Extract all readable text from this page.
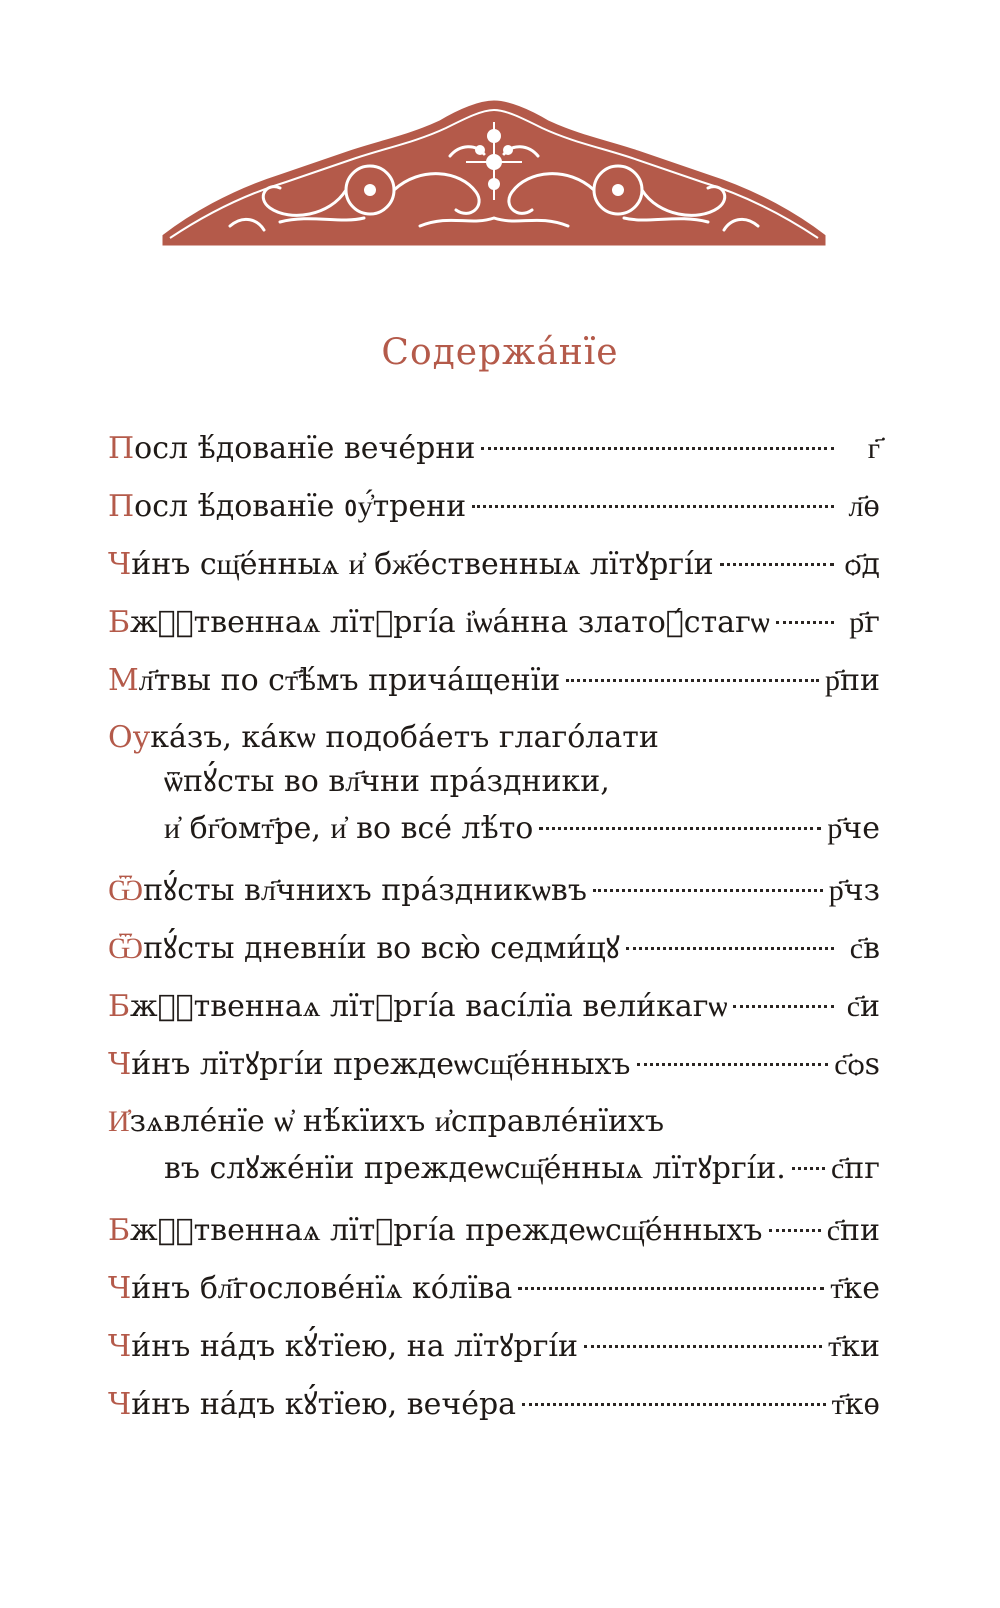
Содержа́нїе
Посл ѣ́дованїе вече́рни	г҃
Посл ѣ́дованїе ᲂу҆́трени	л҃ѳ
Чи́нъ сщ҃е́нныѧ и҆ бж҃е́ственныѧ лїтꙋргі́и	ѻ҃д
Бжⷭ҇твеннаѧ лїтꙋргі́а і҆ѡа́нна златоꙋ́стагѡ	р҃г
Мл҃твы по ст҃ѣ́мъ прича́щенїи	р҃пи
Оука́зъ, ка́кѡ подоба́етъ глаго́лати
ѿпꙋ́сты во вл҃чни пра́здники,
и҆ бг҃омт҃ре, и҆ во все́ лѣ́то	р҃че
Ѿпꙋ́сты вл҃чнихъ пра́здникѡвъ	р҃чз
Ѿпꙋ́сты дневні́и во всю̀ седми́цꙋ	с҃в
Бжⷭ҇твеннаѧ лїтꙋргі́а васі́лїа вели́кагѡ	с҃и
Чи́нъ лїтꙋргі́и преждеѡсщ҃е́нныхъ	с҃ѻѕ
И҆зѧвле́нїе ѡ҆ нѣ́кїихъ и҆справле́нїихъ
въ слꙋже́нїи преждеѡсщ҃е́нныѧ лїтꙋргі́и. с҃пг
Бжⷭ҇твеннаѧ лїтꙋргі́а преждеѡсщ҃е́нныхъ с҃пи
Чи́нъ бл҃гослове́нїѧ ко́лїва	т҃ке
Чи́нъ на́дъ кꙋ́тїею, на лїтꙋргі́и	т҃ки
Чи́нъ на́дъ кꙋ́тїею, вече́ра	т҃кѳ
